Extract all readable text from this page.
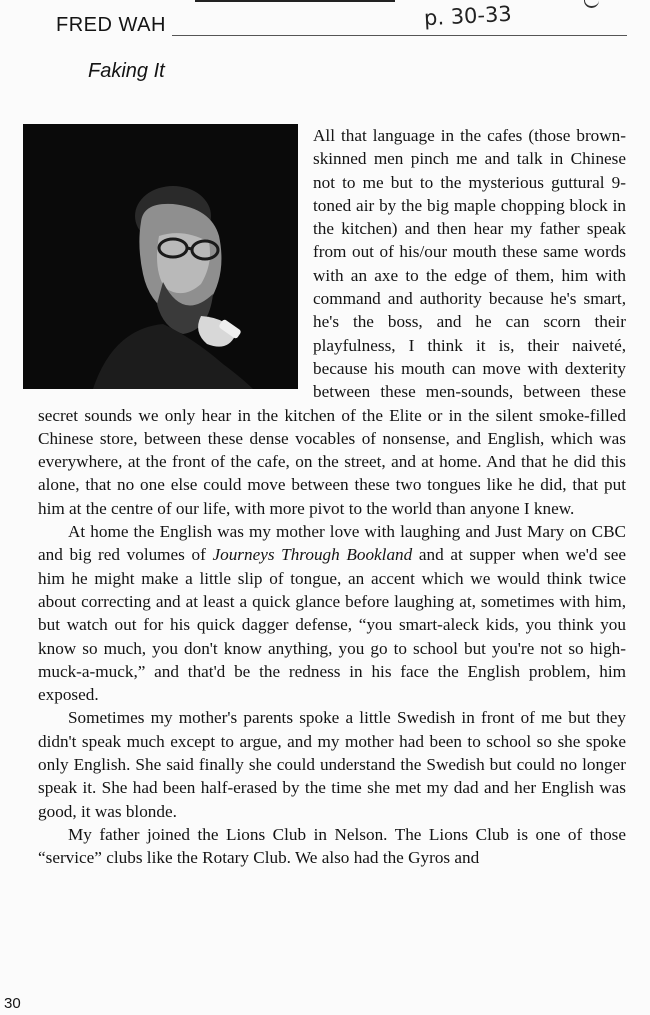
FRED WAH	p. 30-33
Faking It

All that language in the cafes (those brown-skinned men pinch me and talk in Chinese not to me but to the mysterious guttural 9-toned air by the big maple chopping block in the kitchen) and then hear my father speak from out of his/our mouth these same words with an axe to the edge of them, him with command and authority because he's smart, he's the boss, and he can scorn their playfulness, I think it is, their naiveté, because his mouth can move with dexterity between these men-sounds, between these secret sounds we only hear in the kitchen of the Elite or in the silent smoke-filled Chinese store, between these dense vocables of nonsense, and English, which was everywhere, at the front of the cafe, on the street, and at home. And that he did this alone, that no one else could move between these two tongues like he did, that put him at the centre of our life, with more pivot to the world than anyone I knew.

At home the English was my mother love with laughing and Just Mary on CBC and big red volumes of Journeys Through Bookland and at supper when we'd see him he might make a little slip of tongue, an accent which we would think twice about correcting and at least a quick glance before laughing at, sometimes with him, but watch out for his quick dagger defense, “you smart-aleck kids, you think you know so much, you don't know anything, you go to school but you're not so high-muck-a-muck,” and that'd be the redness in his face the English problem, him exposed.

Sometimes my mother's parents spoke a little Swedish in front of me but they didn't speak much except to argue, and my mother had been to school so she spoke only English. She said finally she could understand the Swedish but could no longer speak it. She had been half-erased by the time she met my dad and her English was good, it was blonde.

My father joined the Lions Club in Nelson. The Lions Club is one of those “service” clubs like the Rotary Club. We also had the Gyros and

30
